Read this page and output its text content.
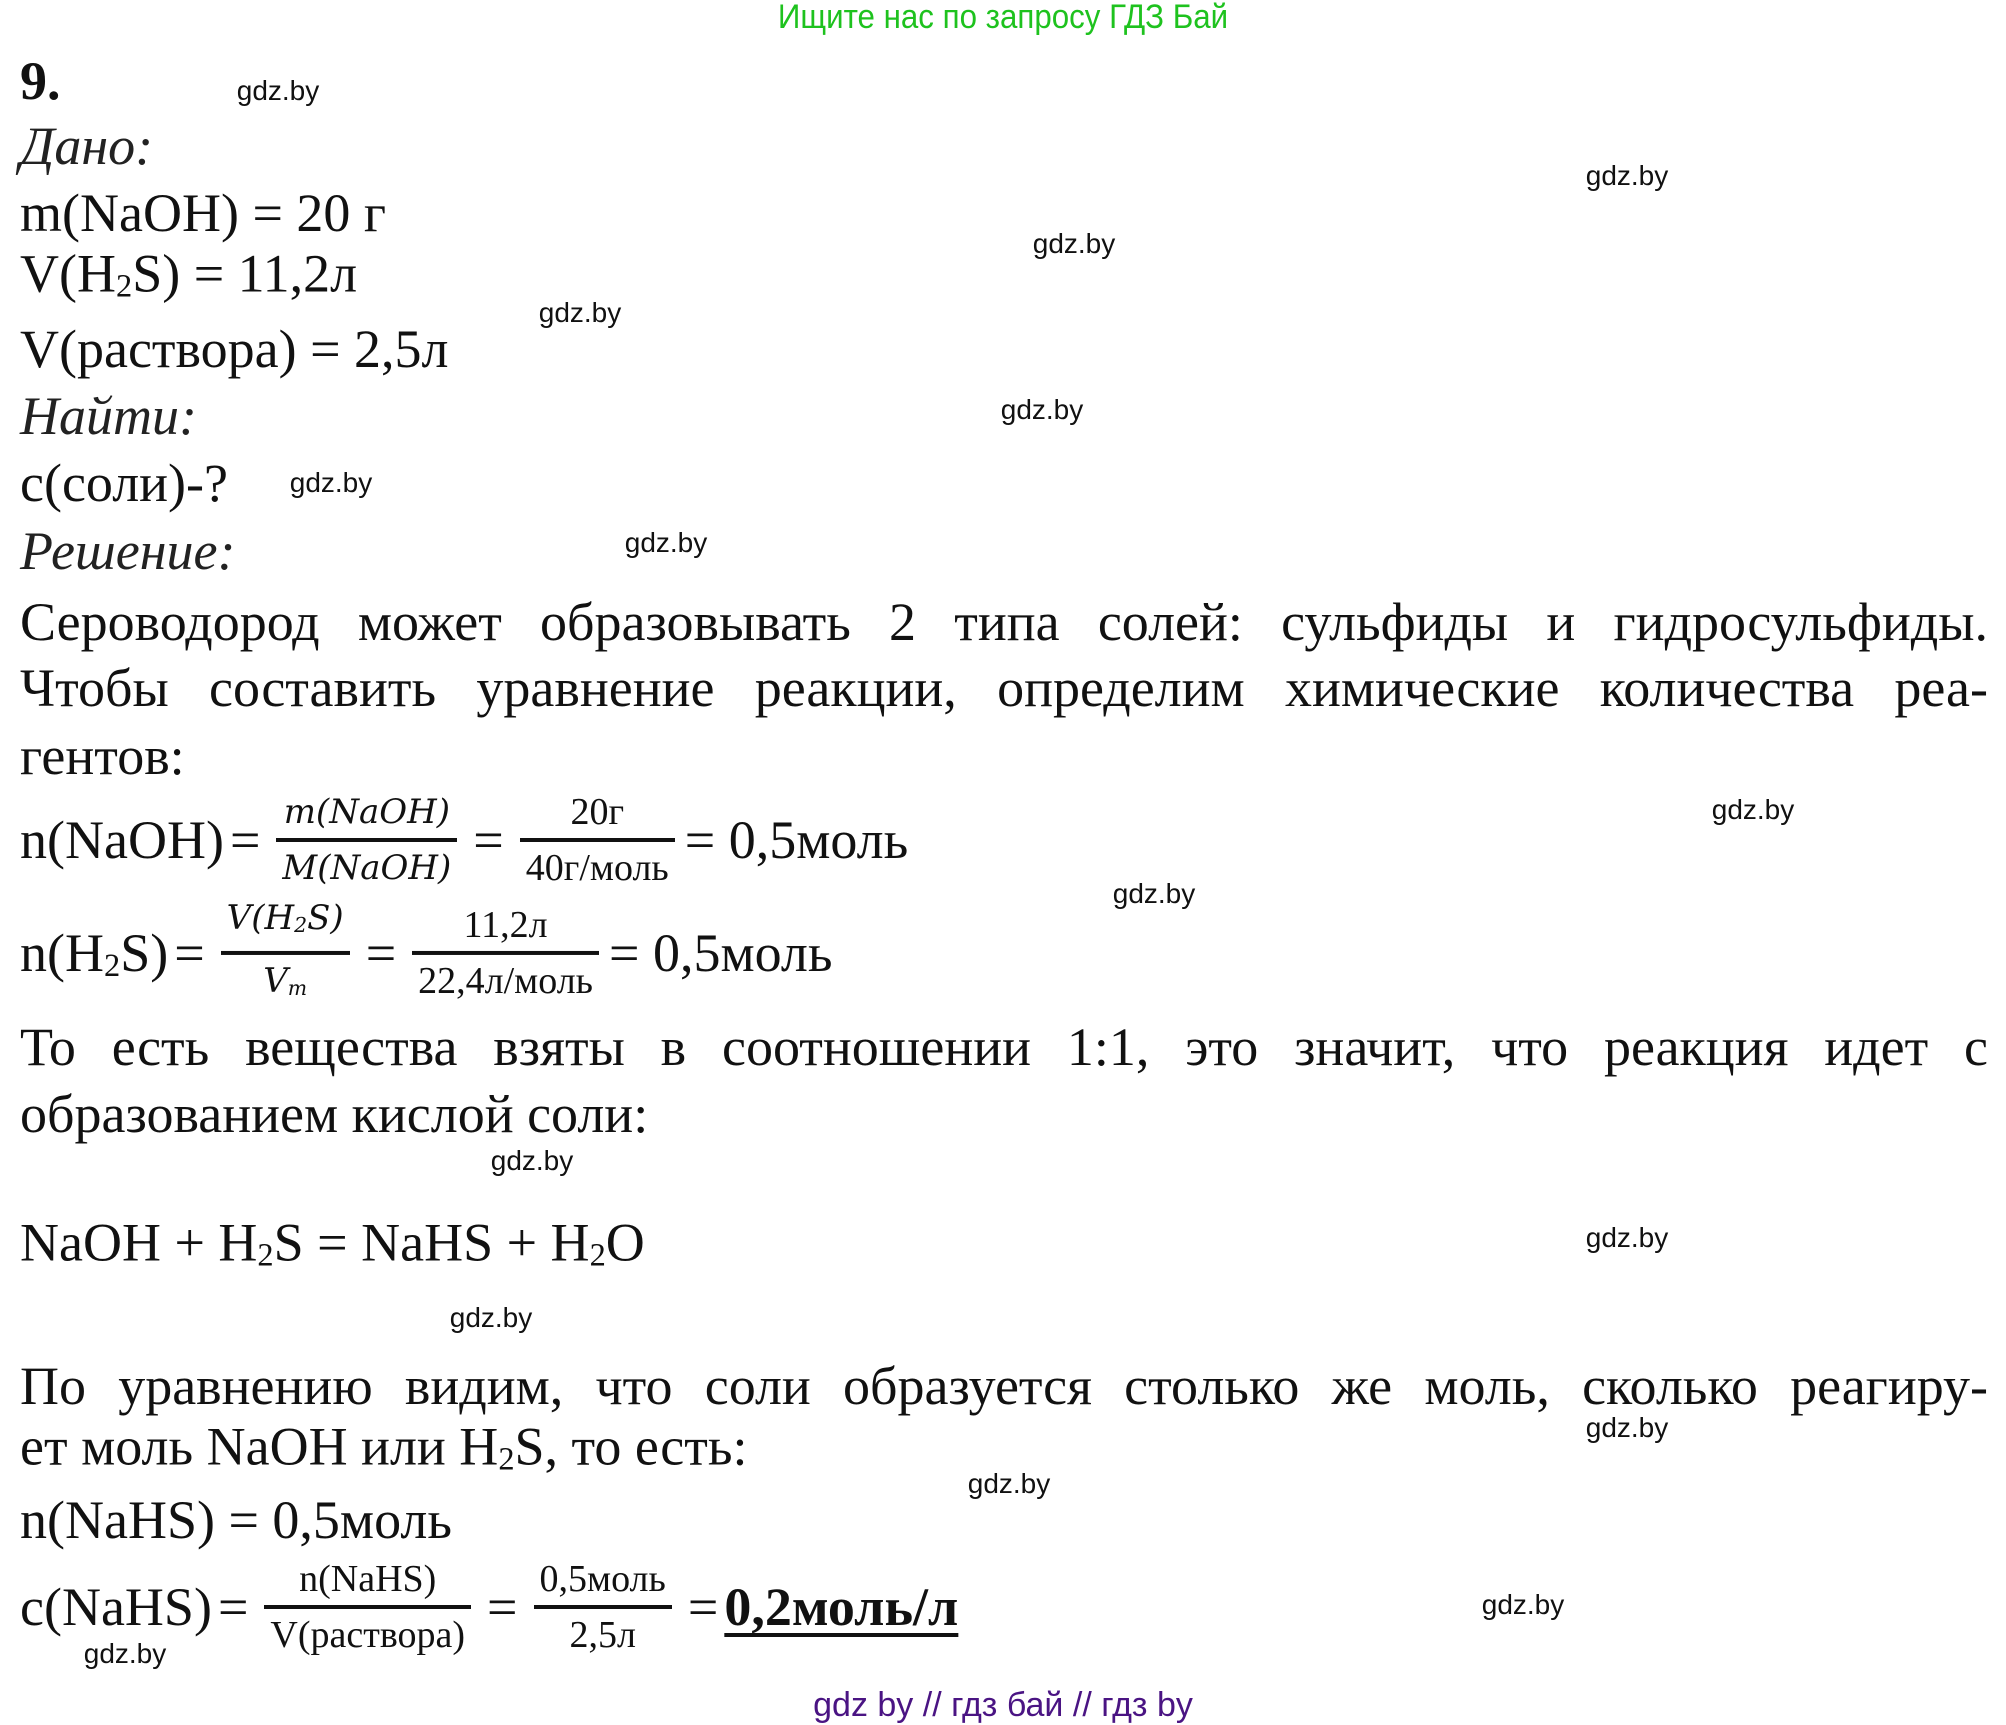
Ищите нас по запросу ГДЗ Бай
9.
Дано:
m(NaOH) = 20 г
$V(H_2S) = 11,2л$
V(раствора) = 2,5л
Найти:
с(соли)-?
Решение:
Сероводород может образовывать 2 типа солей: сульфиды и гидросульфиды.
Чтобы составить уравнение реакции, определим химические количества реа-
гентов:
n(NaOH) = $\frac{\text{m(NaOH)}}{\text{M(NaOH)}} = \frac{20г}{\text{40г/моль}}$ = 0,5моль
$n(H_2S) = \frac{V(H_2S)}{V_m} = \frac{11,2л}{\text{22,4л/моль}}$ = 0,5моль
То есть вещества взяты в соотношении 1:1, это значит, что реакция идет с
образованием кислой соли:
NaOH + $H_2S$ = NaHS + $H_2O$
По уравнению видим, что соли образуется столько же моль, сколько реагиру-
ет моль NaOH или $H_2S$, то есть:
n(NaHS) = 0,5моль
c(NaHS) = $\frac{\text{n(NaHS)}}{\text{V(раствора)}} = \frac{\text{0,5моль}}{2,5л}$ = 0,2моль/л
gdz.by
gdz.by
gdz.by
gdz.by
gdz.by
gdz.by
gdz.by
gdz.by
gdz.by
gdz.by
gdz.by
gdz.by
gdz.by
gdz.by
gdz.by
gdz.by
gdz by // гдз бай // гдз by
